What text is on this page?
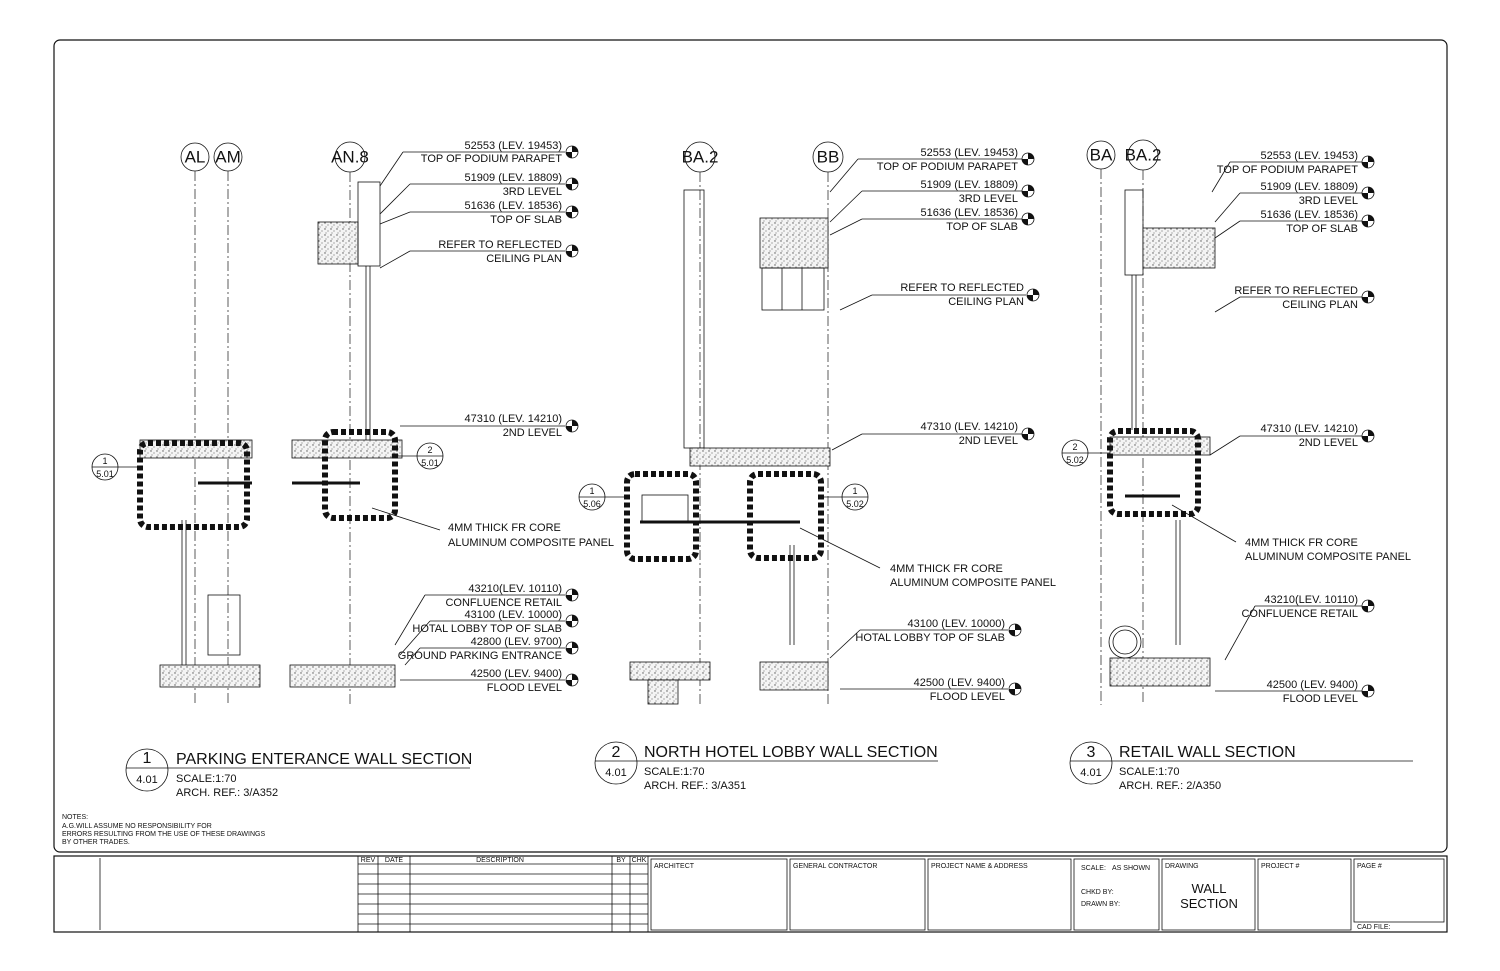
AL AM	AN.8
1
5.01
2
5.01
52553 (LEV. 19453)
TOP OF PODIUM PARAPET
51909 (LEV. 18809)
3RD LEVEL
51636 (LEV. 18536)
TOP OF SLAB
REFER TO REFLECTED
CEILING PLAN
47310 (LEV. 14210)
2ND LEVEL
43210(LEV. 10110)
CONFLUENCE RETAIL
43100 (LEV. 10000)
HOTAL LOBBY TOP OF SLAB
42800 (LEV. 9700)
GROUND PARKING ENTRANCE
42500 (LEV. 9400)
FLOOD LEVEL
4MM THICK FR CORE
ALUMINUM COMPOSITE PANEL
1
4.01
PARKING ENTERANCE WALL SECTION
SCALE:1:70
ARCH. REF.: 3/A352
BA.2	BB
1
5.06
1
5.02
52553 (LEV. 19453)
TOP OF PODIUM PARAPET
51909 (LEV. 18809)
3RD LEVEL
51636 (LEV. 18536)
TOP OF SLAB
REFER TO REFLECTED
CEILING PLAN
47310 (LEV. 14210)
2ND LEVEL
43100 (LEV. 10000)
HOTAL LOBBY TOP OF SLAB
42500 (LEV. 9400)
FLOOD LEVEL
4MM THICK FR CORE
ALUMINUM COMPOSITE PANEL
2
4.01
NORTH HOTEL LOBBY WALL SECTION
SCALE:1:70
ARCH. REF.: 3/A351
BA BA.2
2
5.02
52553 (LEV. 19453)
TOP OF PODIUM PARAPET
51909 (LEV. 18809)
3RD LEVEL
51636 (LEV. 18536)
TOP OF SLAB
REFER TO REFLECTED
CEILING PLAN
47310 (LEV. 14210)
2ND LEVEL
43210(LEV. 10110)
CONFLUENCE RETAIL
42500 (LEV. 9400)
FLOOD LEVEL
4MM THICK FR CORE
ALUMINUM COMPOSITE PANEL
3
4.01
RETAIL WALL SECTION
SCALE:1:70
ARCH. REF.: 2/A350
NOTES:
A.G.WILL ASSUME NO RESPONSIBILITY FOR
ERRORS RESULTING FROM THE USE OF THESE DRAWINGS
BY OTHER TRADES.
REV DATE	DESCRIPTION	BY CHK
ARCHITECT	GENERAL CONTRACTOR	PROJECT NAME & ADDRESS	SCALE: AS SHOWN
CHKD BY:
DRAWN BY:
DRAWING
WALL
SECTION
PROJECT #	PAGE #
CAD FILE:
